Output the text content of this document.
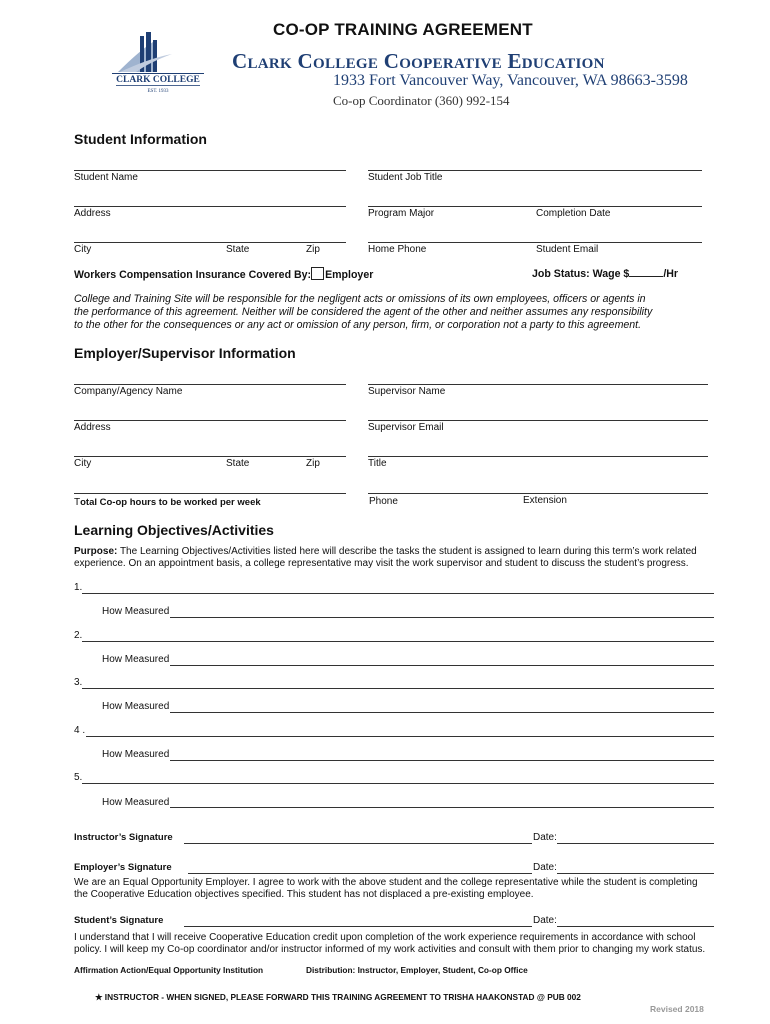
CO-OP TRAINING AGREEMENT
CLARK COLLEGE
EST. 1933
Clark College Cooperative Education
1933 Fort Vancouver Way, Vancouver, WA 98663-3598
Co-op Coordinator (360) 992-154
Student Information
Student Name	Student Job Title
Address	Program Major	Completion Date
City	State	Zip	Home Phone	Student Email
Workers Compensation Insurance Covered By: Employer	Job Status: Wage $	/Hr
College and Training Site will be responsible for the negligent acts or omissions of its own employees, officers or agents in
the performance of this agreement. Neither will be considered the agent of the other and neither assumes any responsibility
to the other for the consequences or any act or omission of any person, firm, or corporation not a party to this agreement.
Employer/Supervisor Information
Company/Agency Name	Supervisor Name
Address	Supervisor Email
City	State	Zip	Title
Total Co-op hours to be worked per week	Phone	Extension
Learning Objectives/Activities
Purpose: The Learning Objectives/Activities listed here will describe the tasks the student is assigned to learn during this term’s work related
experience. On an appointment basis, a college representative may visit the work supervisor and student to discuss the student’s progress.
1.
How Measured
2.
How Measured
3.
How Measured
4 .
How Measured
5.
How Measured
Instructor’s Signature	Date:
Employer’s Signature	Date:
We are an Equal Opportunity Employer. I agree to work with the above student and the college representative while the student is completing
the Cooperative Education objectives specified. This student has not displaced a pre-existing employee.
Student’s Signature	Date:
I understand that I will receive Cooperative Education credit upon completion of the work experience requirements in accordance with school
policy. I will keep my Co-op coordinator and/or instructor informed of my work activities and consult with them prior to changing my work status.
Affirmation Action/Equal Opportunity Institution	Distribution: Instructor, Employer, Student, Co-op Office
★ INSTRUCTOR - WHEN SIGNED, PLEASE FORWARD THIS TRAINING AGREEMENT TO TRISHA HAAKONSTAD @ PUB 002
Revised 2018
